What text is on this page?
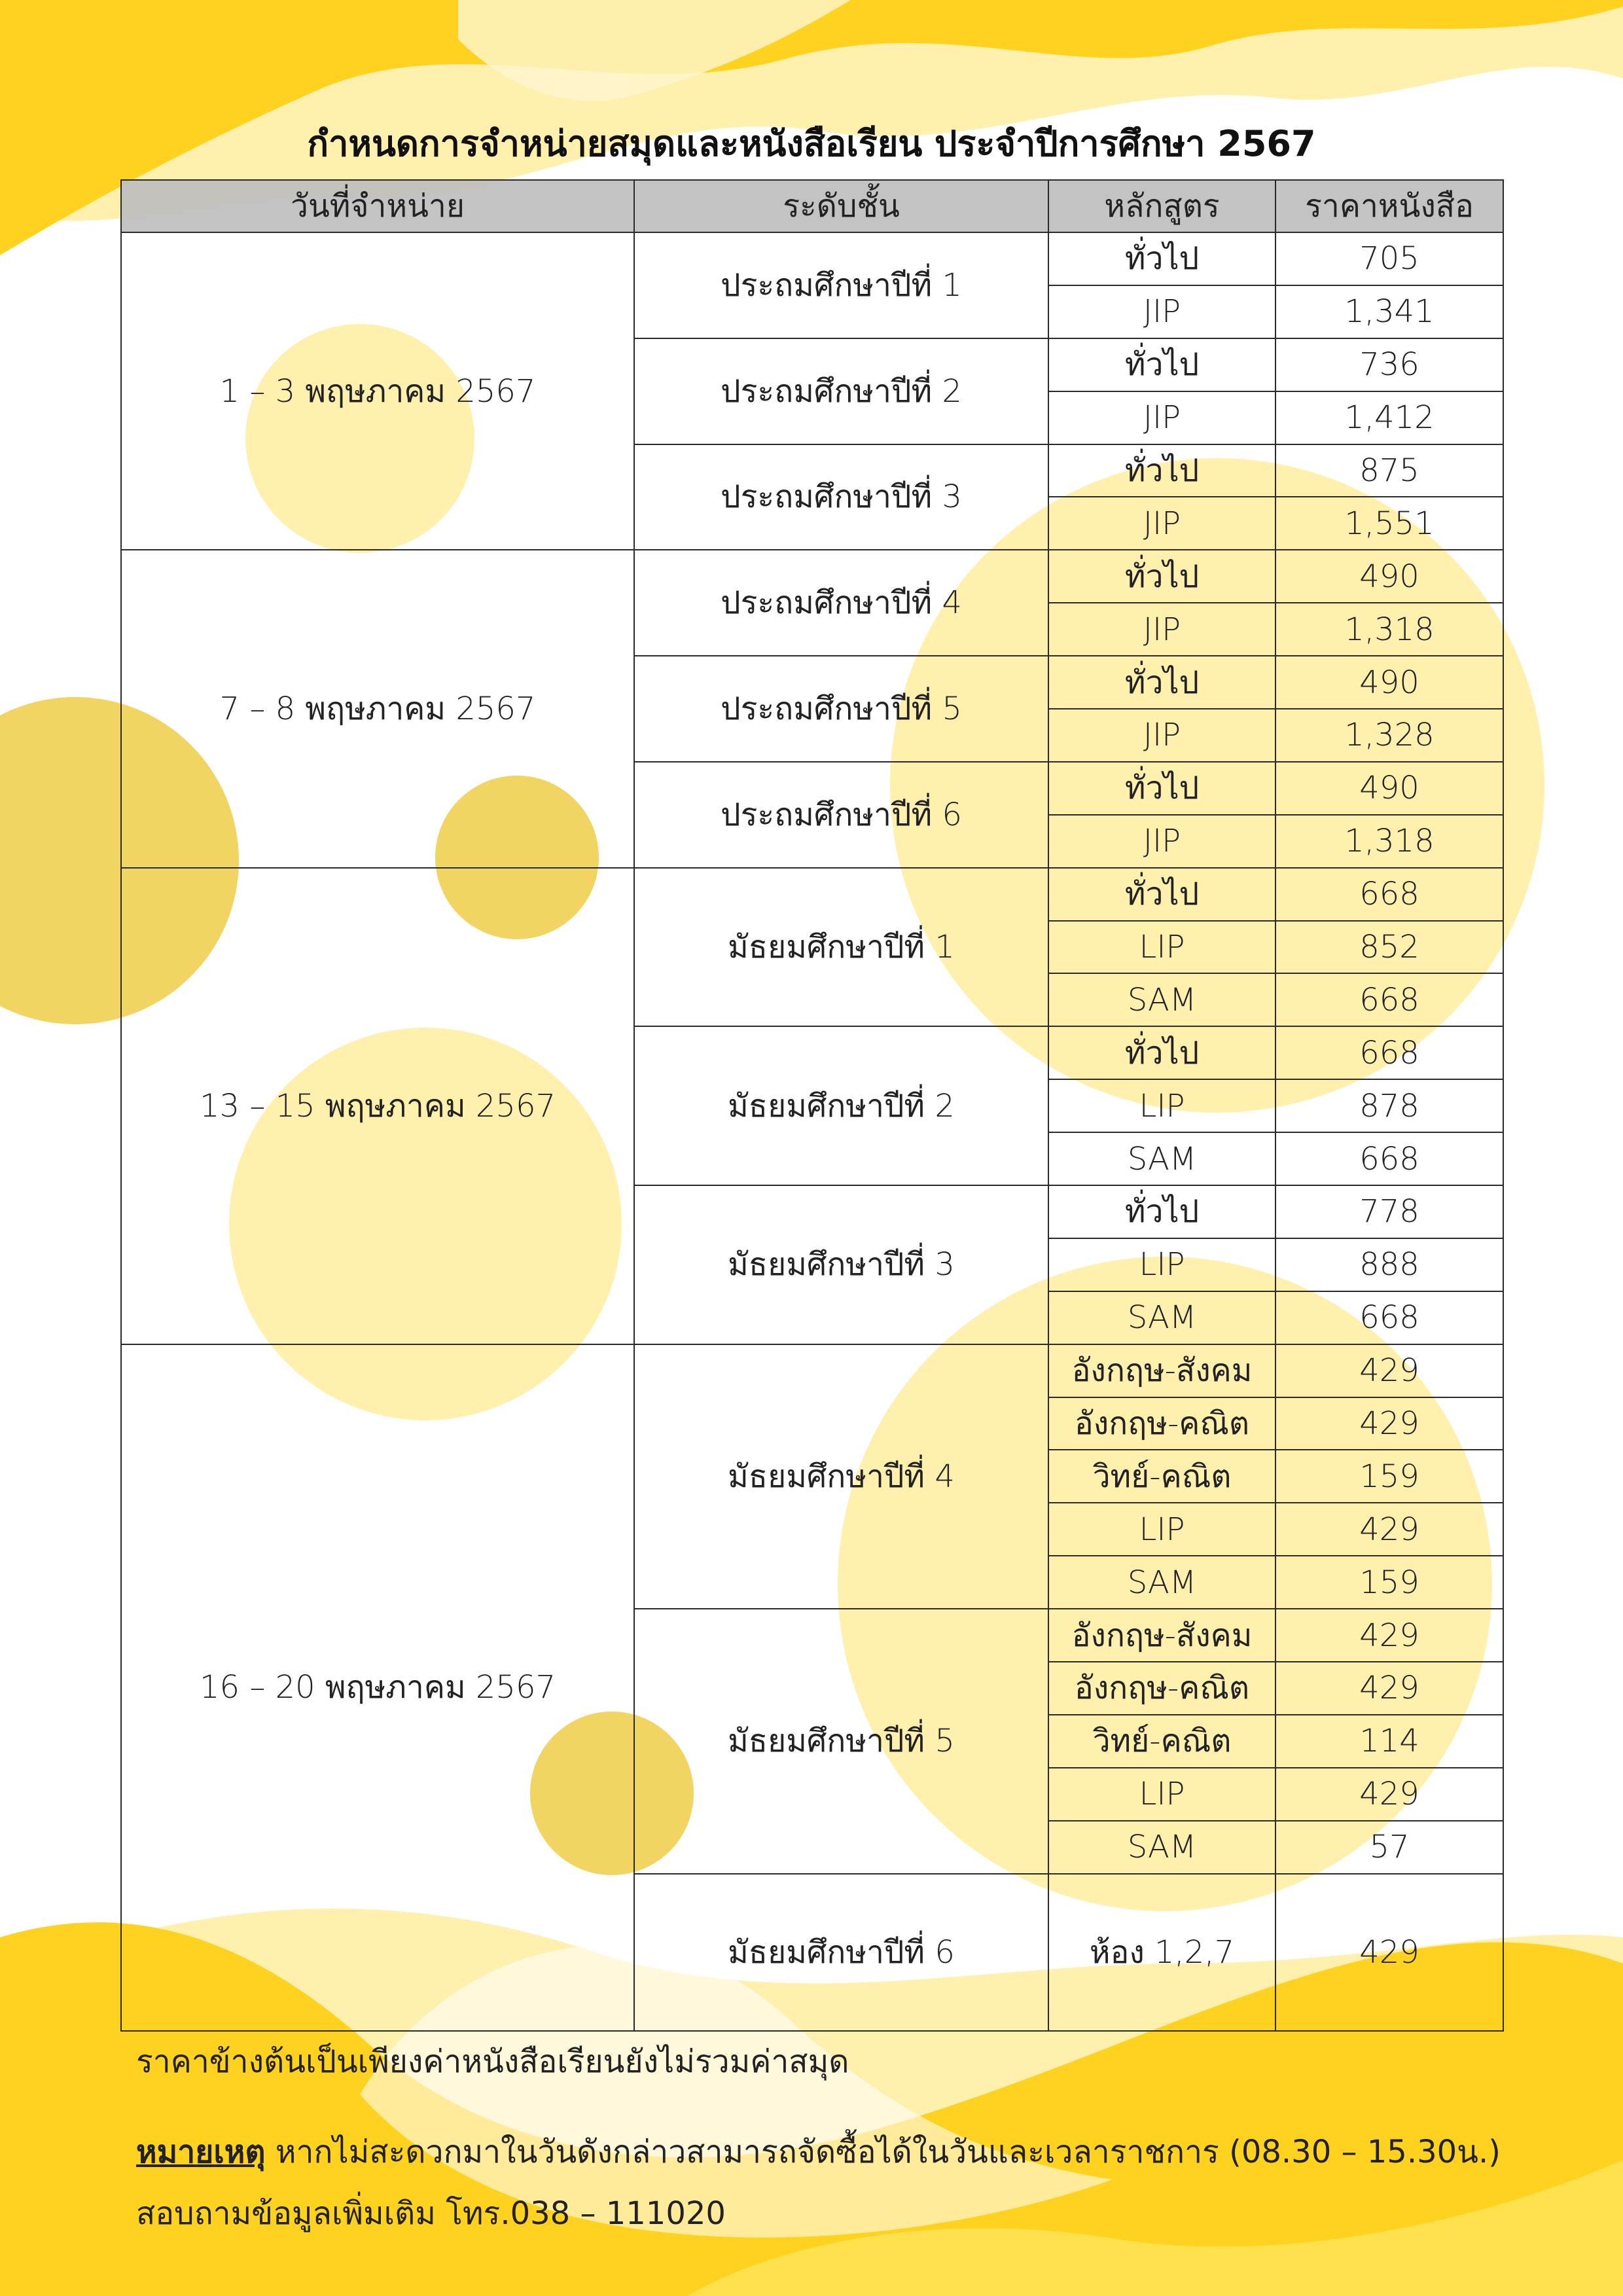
กำหนดการจำหน่ายสมุดและหนังสือเรียน ประจำปีการศึกษา 2567
วันที่จำหน่าย	ระดับชั้น	หลักสูตร	ราคาหนังสือ
1 – 3 พฤษภาคม 2567	ประถมศึกษาปีที่ 1	ทั่วไป	705
		JIP	1,341
	ประถมศึกษาปีที่ 2	ทั่วไป	736
		JIP	1,412
	ประถมศึกษาปีที่ 3	ทั่วไป	875
		JIP	1,551
7 – 8 พฤษภาคม 2567	ประถมศึกษาปีที่ 4	ทั่วไป	490
		JIP	1,318
	ประถมศึกษาปีที่ 5	ทั่วไป	490
		JIP	1,328
	ประถมศึกษาปีที่ 6	ทั่วไป	490
		JIP	1,318
13 – 15 พฤษภาคม 2567	มัธยมศึกษาปีที่ 1	ทั่วไป	668
		LIP	852
		SAM	668
	มัธยมศึกษาปีที่ 2	ทั่วไป	668
		LIP	878
		SAM	668
	มัธยมศึกษาปีที่ 3	ทั่วไป	778
		LIP	888
		SAM	668
16 – 20 พฤษภาคม 2567	มัธยมศึกษาปีที่ 4	อังกฤษ-สังคม	429
		อังกฤษ-คณิต	429
		วิทย์-คณิต	159
		LIP	429
		SAM	159
	มัธยมศึกษาปีที่ 5	อังกฤษ-สังคม	429
		อังกฤษ-คณิต	429
		วิทย์-คณิต	114
		LIP	429
		SAM	57
	มัธยมศึกษาปีที่ 6	ห้อง 1,2,7	429
ราคาข้างต้นเป็นเพียงค่าหนังสือเรียนยังไม่รวมค่าสมุด
หมายเหตุ หากไม่สะดวกมาในวันดังกล่าวสามารถจัดซื้อได้ในวันและเวลาราชการ (08.30 – 15.30น.)
สอบถามข้อมูลเพิ่มเติม โทร.038 – 111020
